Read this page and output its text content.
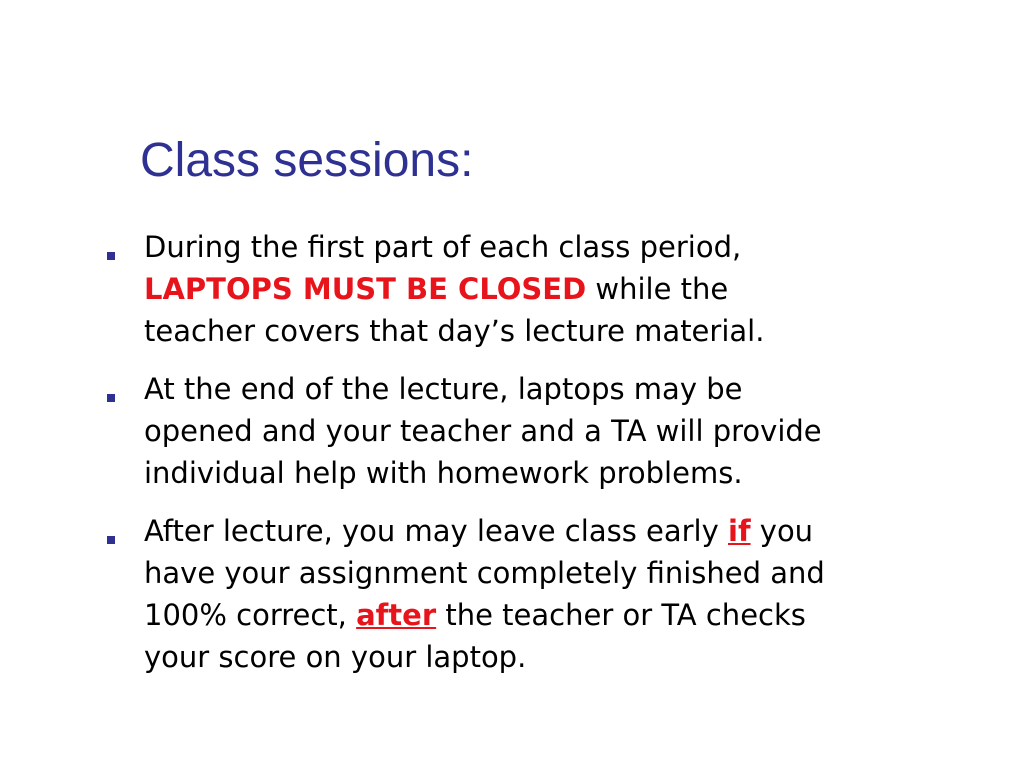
Class sessions:
During the first part of each class period,
LAPTOPS MUST BE CLOSED while the
teacher covers that day’s lecture material.
At the end of the lecture, laptops may be
opened and your teacher and a TA will provide
individual help with homework problems.
After lecture, you may leave class early if you
have your assignment completely finished and
100% correct, after the teacher or TA checks
your score on your laptop.
